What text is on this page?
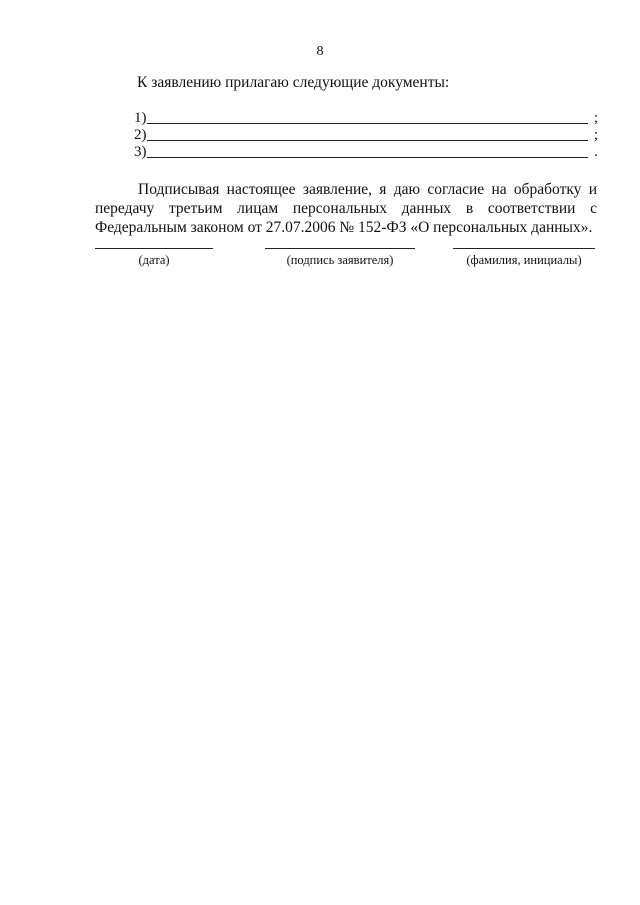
8
К заявлению прилагаю следующие документы:
1)	;
2)	;
3)	.
Подписывая настоящее заявление, я даю согласие на обработку и передачу третьим лицам персональных данных в соответствии с Федеральным законом от 27.07.2006 № 152-ФЗ «О персональных данных».
(дата)	(подпись заявителя)	(фамилия, инициалы)
